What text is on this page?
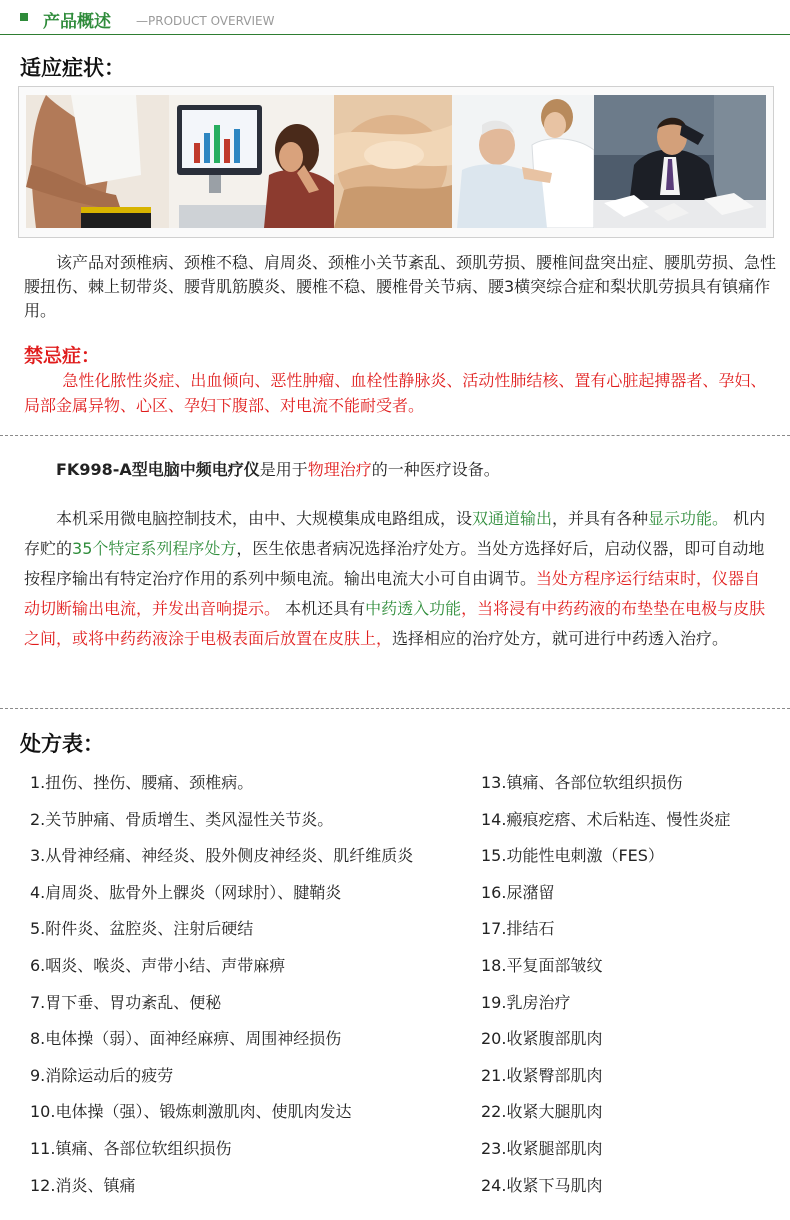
产品概述 —PRODUCT OVERVIEW
适应症状：
该产品对颈椎病、颈椎不稳、肩周炎、颈椎小关节紊乱、颈肌劳损、腰椎间盘突出症、腰肌劳损、急性腰扭伤、棘上韧带炎、腰背肌筋膜炎、腰椎不稳、腰椎骨关节病、腰3横突综合症和梨状肌劳损具有镇痛作用。
禁忌症：
急性化脓性炎症、出血倾向、恶性肿瘤、血栓性静脉炎、活动性肺结核、置有心脏起搏器者、孕妇、局部金属异物、心区、孕妇下腹部、对电流不能耐受者。
FK998-A型电脑中频电疗仪是用于物理治疗的一种医疗设备。
本机采用微电脑控制技术，由中、大规模集成电路组成，设双通道输出，并具有各种显示功能。 机内存贮的35个特定系列程序处方，医生依患者病况选择治疗处方。当处方选择好后，启动仪器，即可自动地按程序输出有特定治疗作用的系列中频电流。输出电流大小可自由调节。当处方程序运行结束时，仪器自动切断输出电流，并发出音响提示。 本机还具有中药透入功能，当将浸有中药药液的布垫垫在电极与皮肤之间，或将中药药液涂于电极表面后放置在皮肤上，选择相应的治疗处方，就可进行中药透入治疗。
处方表：
1.扭伤、挫伤、腰痛、颈椎病。
2.关节肿痛、骨质增生、类风湿性关节炎。
3.从骨神经痛、神经炎、股外侧皮神经炎、肌纤维质炎
4.肩周炎、肱骨外上髁炎（网球肘）、腱鞘炎
5.附件炎、盆腔炎、注射后硬结
6.咽炎、喉炎、声带小结、声带麻痹
7.胃下垂、胃功紊乱、便秘
8.电体操（弱）、面神经麻痹、周围神经损伤
9.消除运动后的疲劳
10.电体操（强）、锻炼刺激肌肉、使肌肉发达
11.镇痛、各部位软组织损伤
12.消炎、镇痛
13.镇痛、各部位软组织损伤
14.瘢痕疙瘩、术后粘连、慢性炎症
15.功能性电刺激（FES）
16.尿潴留
17.排结石
18.平复面部皱纹
19.乳房治疗
20.收紧腹部肌肉
21.收紧臀部肌肉
22.收紧大腿肌肉
23.收紧腿部肌肉
24.收紧下马肌肉
